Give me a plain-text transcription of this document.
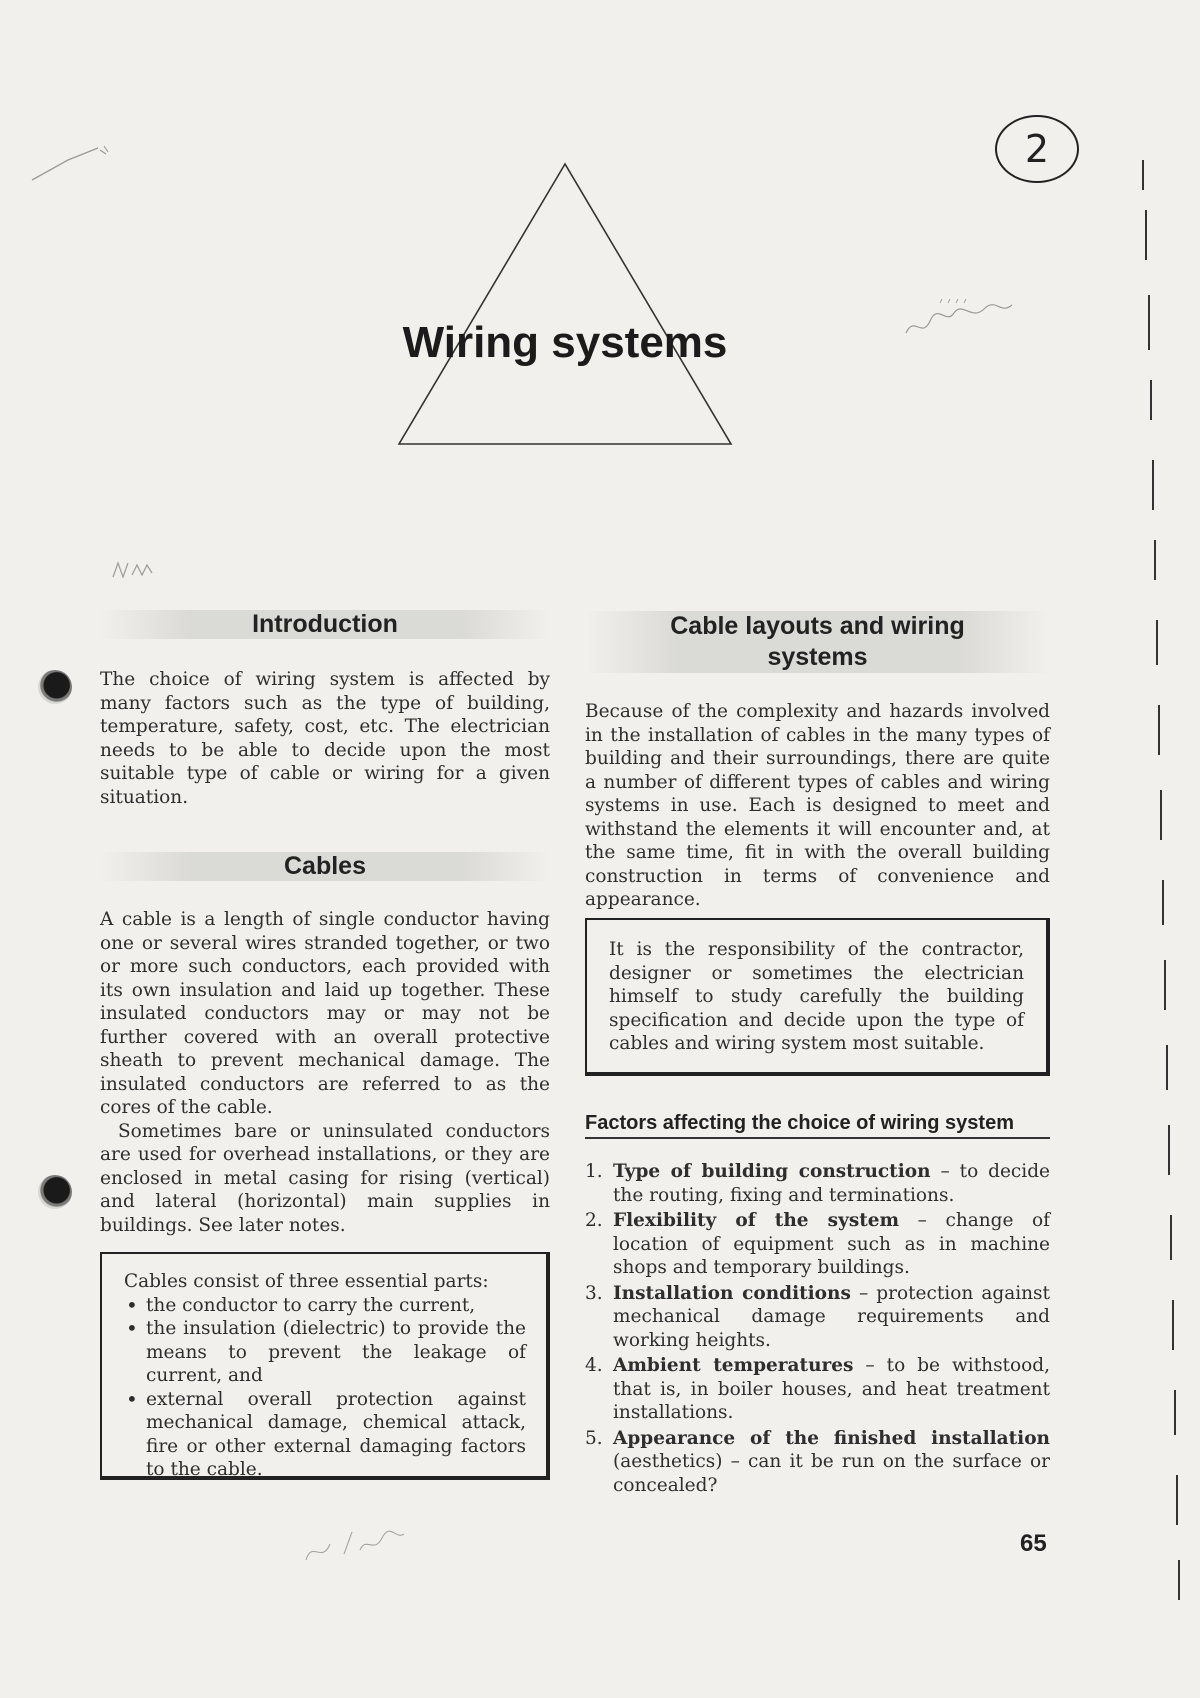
2
Wiring systems
Introduction

The choice of wiring system is affected by many factors such as the type of building, temperature, safety, cost, etc. The electrician needs to be able to decide upon the most suitable type of cable or wiring for a given situation.

Cables

A cable is a length of single conductor having one or several wires stranded together, or two or more such conductors, each provided with its own insulation and laid up together. These insulated conductors may or may not be further covered with an overall protective sheath to prevent mechanical damage. The insulated conductors are referred to as the cores of the cable.

Sometimes bare or uninsulated conductors are used for overhead installations, or they are enclosed in metal casing for rising (vertical) and lateral (horizontal) main supplies in buildings. See later notes.

Cables consist of three essential parts:
• the conductor to carry the current,
• the insulation (dielectric) to provide the means to prevent the leakage of current, and
• external overall protection against mechanical damage, chemical attack, fire or other external damaging factors to the cable.
Cable layouts and wiring
systems

Because of the complexity and hazards involved in the installation of cables in the many types of building and their surroundings, there are quite a number of different types of cables and wiring systems in use. Each is designed to meet and withstand the elements it will encounter and, at the same time, fit in with the overall building construction in terms of convenience and appearance.

It is the responsibility of the contractor, designer or sometimes the electrician himself to study carefully the building specification and decide upon the type of cables and wiring system most suitable.
Factors affecting the choice of wiring system
1. Type of building construction – to decide the routing, fixing and terminations.
2. Flexibility of the system – change of location of equipment such as in machine shops and temporary buildings.
3. Installation conditions – protection against mechanical damage requirements and working heights.
4. Ambient temperatures – to be withstood, that is, in boiler houses, and heat treatment installations.
5. Appearance of the finished installation (aesthetics) – can it be run on the surface or concealed?
65
